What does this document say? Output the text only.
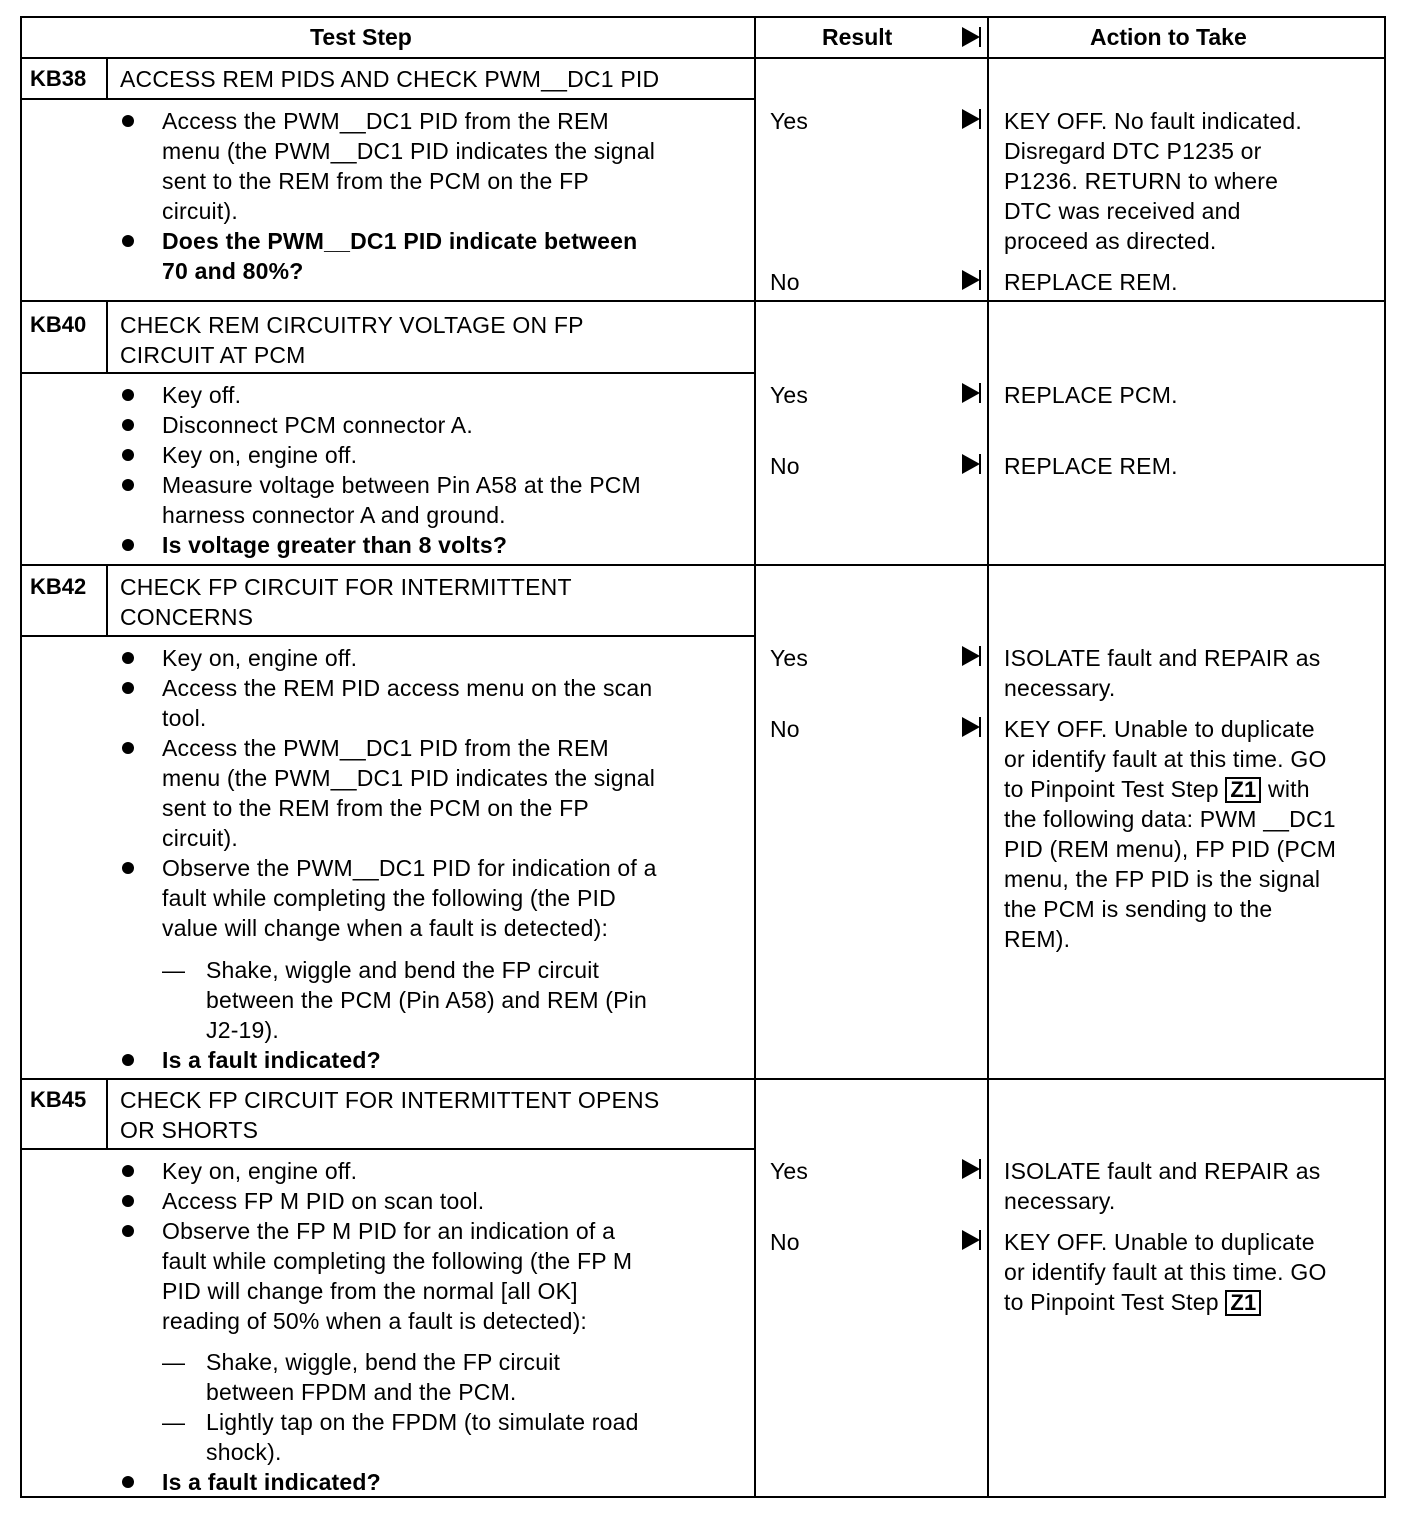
Test Step	Result	Action to Take
KB38 ACCESS REM PIDS AND CHECK PWM__DC1 PID
Access the PWM__DC1 PID from the REM
menu (the PWM__DC1 PID indicates the signal
sent to the REM from the PCM on the FP
circuit).
Does the PWM__DC1 PID indicate between
70 and 80%?
Yes	KEY OFF. No fault indicated.
Disregard DTC P1235 or
P1236. RETURN to where
DTC was received and
proceed as directed.
No	REPLACE REM.
KB40 CHECK REM CIRCUITRY VOLTAGE ON FP
CIRCUIT AT PCM
Key off.
Disconnect PCM connector A.
Key on, engine off.
Measure voltage between Pin A58 at the PCM
harness connector A and ground.
Is voltage greater than 8 volts?
Yes	REPLACE PCM.
No	REPLACE REM.
KB42 CHECK FP CIRCUIT FOR INTERMITTENT
CONCERNS
Key on, engine off.
Access the REM PID access menu on the scan
tool.
Access the PWM__DC1 PID from the REM
menu (the PWM__DC1 PID indicates the signal
sent to the REM from the PCM on the FP
circuit).
Observe the PWM__DC1 PID for indication of a
fault while completing the following (the PID
value will change when a fault is detected):
— Shake, wiggle and bend the FP circuit
between the PCM (Pin A58) and REM (Pin
J2-19).
Is a fault indicated?
Yes	ISOLATE fault and REPAIR as
necessary.
No	KEY OFF. Unable to duplicate
or identify fault at this time. GO
to Pinpoint Test Step Z1 with
the following data: PWM __DC1
PID (REM menu), FP PID (PCM
menu, the FP PID is the signal
the PCM is sending to the
REM).
KB45 CHECK FP CIRCUIT FOR INTERMITTENT OPENS
OR SHORTS
Key on, engine off.
Access FP M PID on scan tool.
Observe the FP M PID for an indication of a
fault while completing the following (the FP M
PID will change from the normal [all OK]
reading of 50% when a fault is detected):
— Shake, wiggle, bend the FP circuit
between FPDM and the PCM.
— Lightly tap on the FPDM (to simulate road
shock).
Is a fault indicated?
Yes	ISOLATE fault and REPAIR as
necessary.
No	KEY OFF. Unable to duplicate
or identify fault at this time. GO
to Pinpoint Test Step Z1
